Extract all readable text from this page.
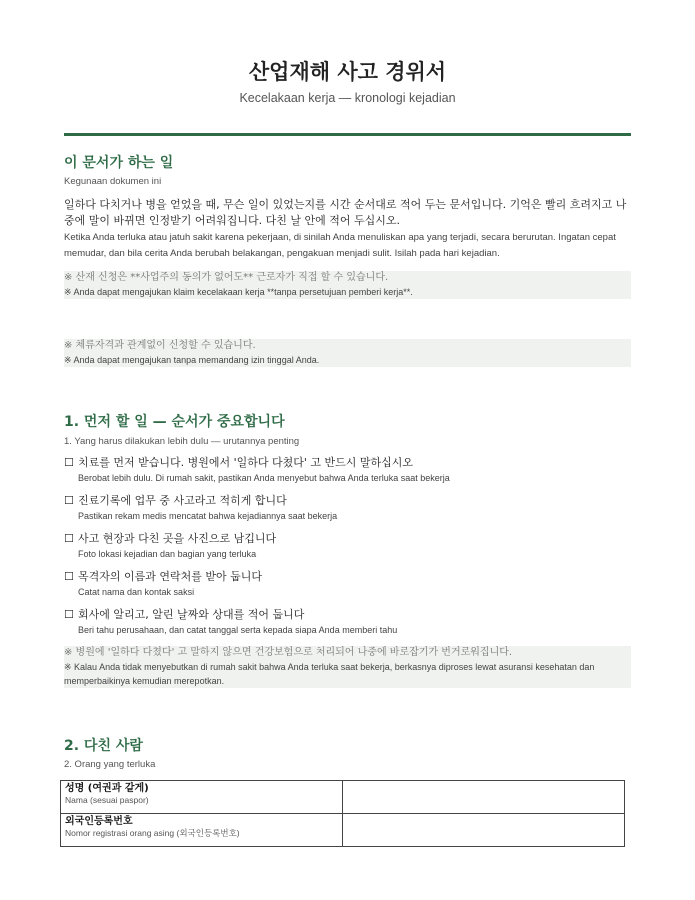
산업재해 사고 경위서
Kecelakaan kerja — kronologi kejadian
이 문서가 하는 일
Kegunaan dokumen ini
일하다 다치거나 병을 얻었을 때, 무슨 일이 있었는지를 시간 순서대로 적어 두는 문서입니다. 기억은 빨리 흐려지고 나중에 말이 바뀌면 인정받기 어려워집니다. 다친 날 안에 적어 두십시오.
Ketika Anda terluka atau jatuh sakit karena pekerjaan, di sinilah Anda menuliskan apa yang terjadi, secara berurutan. Ingatan cepat memudar, dan bila cerita Anda berubah belakangan, pengakuan menjadi sulit. Isilah pada hari kejadian.
※ 산재 신청은 **사업주의 동의가 없어도** 근로자가 직접 할 수 있습니다.
※ Anda dapat mengajukan klaim kecelakaan kerja **tanpa persetujuan pemberi kerja**.
※ 체류자격과 관계없이 신청할 수 있습니다.
※ Anda dapat mengajukan tanpa memandang izin tinggal Anda.
1. 먼저 할 일 — 순서가 중요합니다
1. Yang harus dilakukan lebih dulu — urutannya penting
☐ 치료를 먼저 받습니다. 병원에서 '일하다 다쳤다' 고 반드시 말하십시오
Berobat lebih dulu. Di rumah sakit, pastikan Anda menyebut bahwa Anda terluka saat bekerja
☐ 진료기록에 업무 중 사고라고 적히게 합니다
Pastikan rekam medis mencatat bahwa kejadiannya saat bekerja
☐ 사고 현장과 다친 곳을 사진으로 남깁니다
Foto lokasi kejadian dan bagian yang terluka
☐ 목격자의 이름과 연락처를 받아 둡니다
Catat nama dan kontak saksi
☐ 회사에 알리고, 알린 날짜와 상대를 적어 둡니다
Beri tahu perusahaan, dan catat tanggal serta kepada siapa Anda memberi tahu
※ 병원에 '일하다 다쳤다' 고 말하지 않으면 건강보험으로 처리되어 나중에 바로잡기가 번거로워집니다.
※ Kalau Anda tidak menyebutkan di rumah sakit bahwa Anda terluka saat bekerja, berkasnya diproses lewat asuransi kesehatan dan memperbaikinya kemudian merepotkan.
2. 다친 사람
2. Orang yang terluka
성명 (여권과 같게)
Nama (sesuai paspor)	

외국인등록번호
Nomor registrasi orang asing (외국인등록번호)	
